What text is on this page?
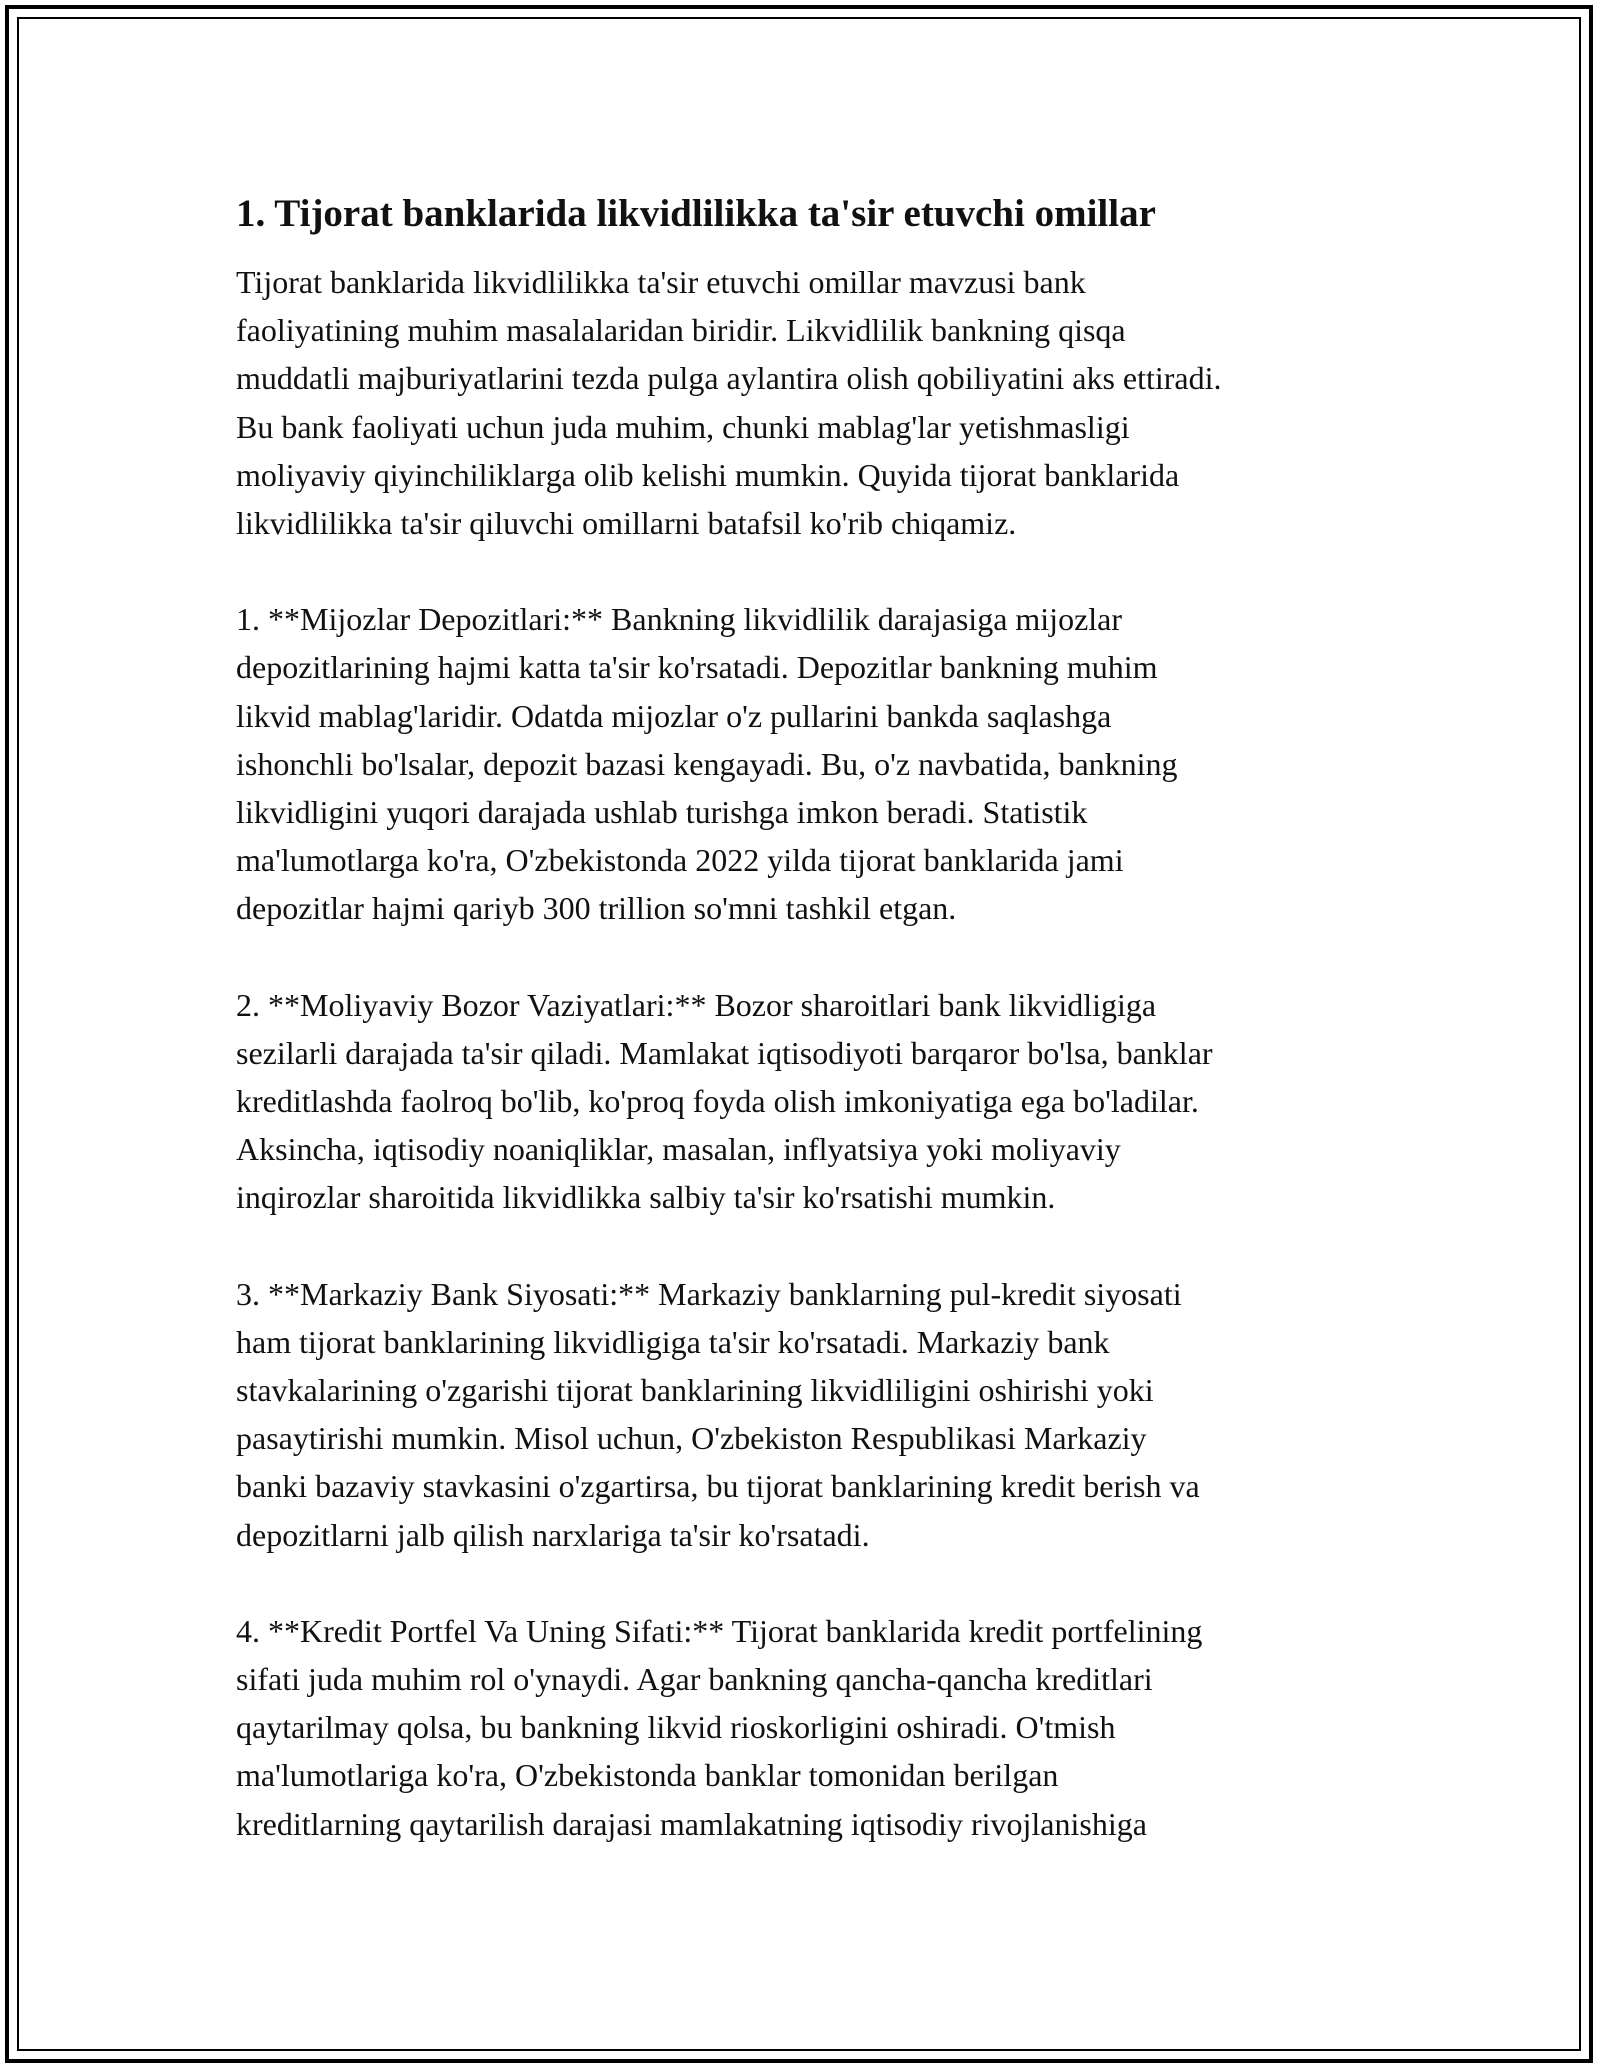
1. Tijorat banklarida likvidlilikka ta'sir etuvchi omillar

Tijorat banklarida likvidlilikka ta'sir etuvchi omillar mavzusi bank
faoliyatining muhim masalalaridan biridir. Likvidlilik bankning qisqa
muddatli majburiyatlarini tezda pulga aylantira olish qobiliyatini aks ettiradi.
Bu bank faoliyati uchun juda muhim, chunki mablag'lar yetishmasligi
moliyaviy qiyinchiliklarga olib kelishi mumkin. Quyida tijorat banklarida
likvidlilikka ta'sir qiluvchi omillarni batafsil ko'rib chiqamiz.

1. **Mijozlar Depozitlari:** Bankning likvidlilik darajasiga mijozlar
depozitlarining hajmi katta ta'sir ko'rsatadi. Depozitlar bankning muhim
likvid mablag'laridir. Odatda mijozlar o'z pullarini bankda saqlashga
ishonchli bo'lsalar, depozit bazasi kengayadi. Bu, o'z navbatida, bankning
likvidligini yuqori darajada ushlab turishga imkon beradi. Statistik
ma'lumotlarga ko'ra, O'zbekistonda 2022 yilda tijorat banklarida jami
depozitlar hajmi qariyb 300 trillion so'mni tashkil etgan.

2. **Moliyaviy Bozor Vaziyatlari:** Bozor sharoitlari bank likvidligiga
sezilarli darajada ta'sir qiladi. Mamlakat iqtisodiyoti barqaror bo'lsa, banklar
kreditlashda faolroq bo'lib, ko'proq foyda olish imkoniyatiga ega bo'ladilar.
Aksincha, iqtisodiy noaniqliklar, masalan, inflyatsiya yoki moliyaviy
inqirozlar sharoitida likvidlikka salbiy ta'sir ko'rsatishi mumkin.

3. **Markaziy Bank Siyosati:** Markaziy banklarning pul-kredit siyosati
ham tijorat banklarining likvidligiga ta'sir ko'rsatadi. Markaziy bank
stavkalarining o'zgarishi tijorat banklarining likvidliligini oshirishi yoki
pasaytirishi mumkin. Misol uchun, O'zbekiston Respublikasi Markaziy
banki bazaviy stavkasini o'zgartirsa, bu tijorat banklarining kredit berish va
depozitlarni jalb qilish narxlariga ta'sir ko'rsatadi.

4. **Kredit Portfel Va Uning Sifati:** Tijorat banklarida kredit portfelining
sifati juda muhim rol o'ynaydi. Agar bankning qancha-qancha kreditlari
qaytarilmay qolsa, bu bankning likvid rioskorligini oshiradi. O'tmish
ma'lumotlariga ko'ra, O'zbekistonda banklar tomonidan berilgan
kreditlarning qaytarilish darajasi mamlakatning iqtisodiy rivojlanishiga
